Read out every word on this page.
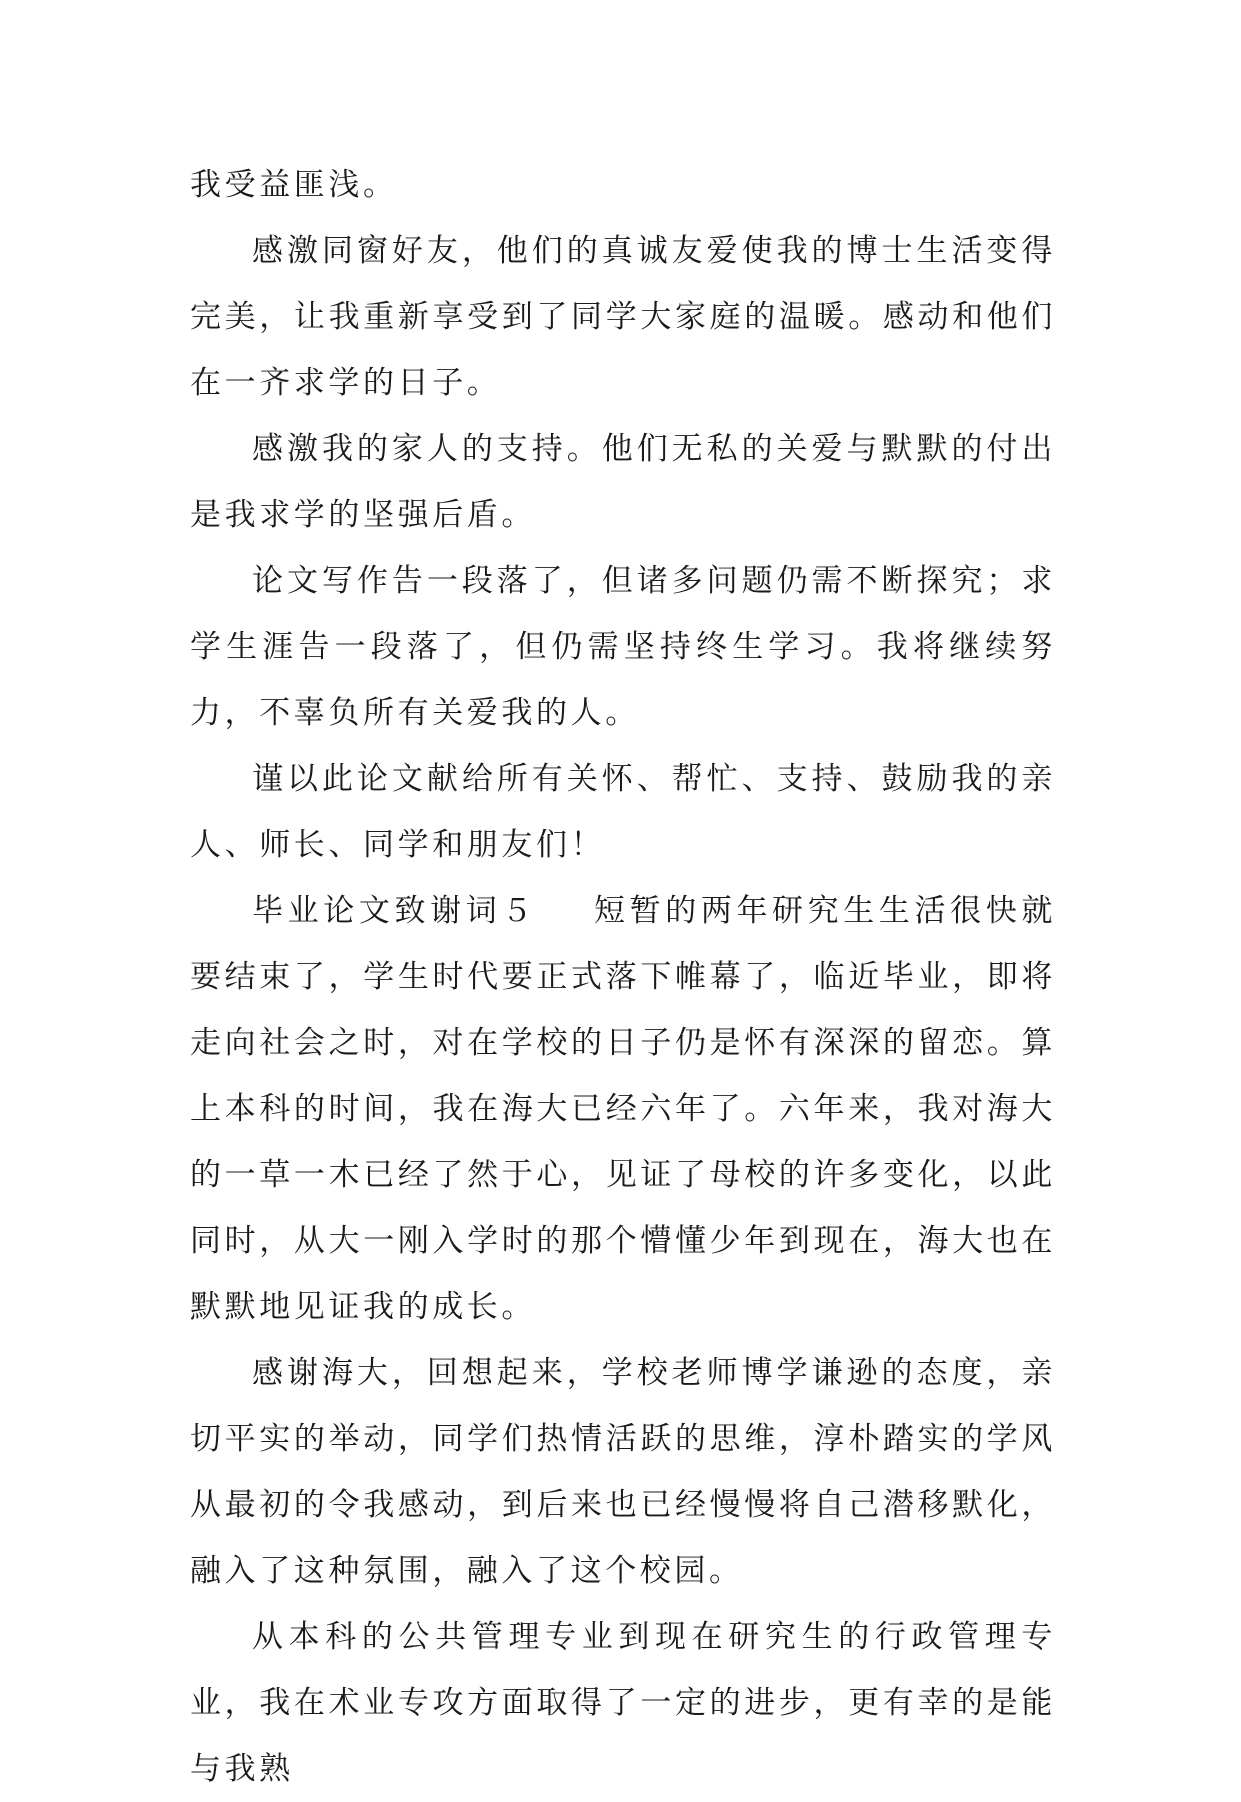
我受益匪浅。

感激同窗好友，他们的真诚友爱使我的博士生活变得完美，让我重新享受到了同学大家庭的温暖。感动和他们在一齐求学的日子。

感激我的家人的支持。他们无私的关爱与默默的付出是我求学的坚强后盾。

论文写作告一段落了，但诸多问题仍需不断探究；求学生涯告一段落了，但仍需坚持终生学习。我将继续努力，不辜负所有关爱我的人。

谨以此论文献给所有关怀、帮忙、支持、鼓励我的亲人、师长、同学和朋友们！

毕业论文致谢词５ 短暂的两年研究生生活很快就要结束了，学生时代要正式落下帷幕了，临近毕业，即将走向社会之时，对在学校的日子仍是怀有深深的留恋。算上本科的时间，我在海大已经六年了。六年来，我对海大的一草一木已经了然于心，见证了母校的许多变化，以此同时，从大一刚入学时的那个懵懂少年到现在，海大也在默默地见证我的成长。

感谢海大，回想起来，学校老师博学谦逊的态度，亲切平实的举动，同学们热情活跃的思维，淳朴踏实的学风从最初的令我感动，到后来也已经慢慢将自己潜移默化，融入了这种氛围，融入了这个校园。

从本科的公共管理专业到现在研究生的行政管理专业，我在术业专攻方面取得了一定的进步，更有幸的是能与我熟
